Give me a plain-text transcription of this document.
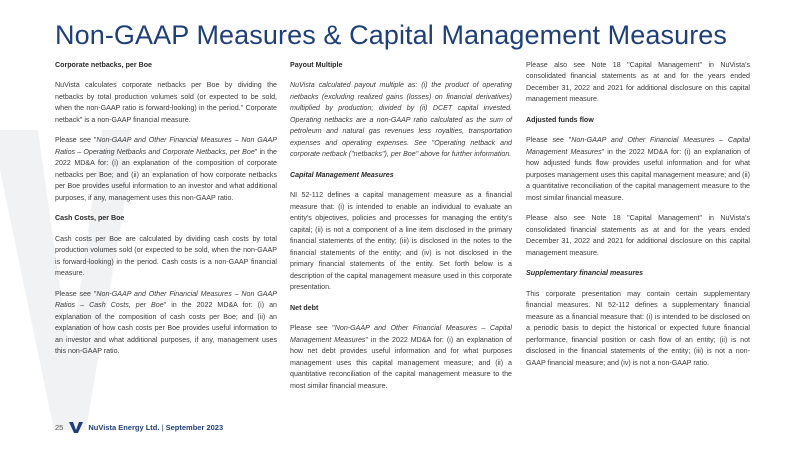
Non-GAAP Measures & Capital Management Measures
Corporate netbacks, per Boe
NuVista calculates corporate netbacks per Boe by dividing the netbacks by total production volumes sold (or expected to be sold, when the non-GAAP ratio is forward-looking) in the period." Corporate netback" is a non-GAAP financial measure.
Please see "Non-GAAP and Other Financial Measures – Non GAAP Ratios – Operating Netbacks and Corporate Netbacks, per Boe" in the 2022 MD&A for: (i) an explanation of the composition of corporate netbacks per Boe; and (ii) an explanation of how corporate netbacks per Boe provides useful information to an investor and what additional purposes, if any, management uses this non-GAAP ratio.
Cash Costs, per Boe
Cash costs per Boe are calculated by dividing cash costs by total production volumes sold (or expected to be sold, when the non-GAAP is forward-looking) in the period. Cash costs is a non-GAAP financial measure.
Please see "Non-GAAP and Other Financial Measures – Non GAAP Ratios – Cash Costs, per Boe" in the 2022 MD&A for: (i) an explanation of the composition of cash costs per Boe; and (ii) an explanation of how cash costs per Boe provides useful information to an investor and what additional purposes, if any, management uses this non-GAAP ratio.
Payout Multiple
NuVista calculated payout multiple as: (i) the product of operating netbacks (excluding realized gains (losses) on financial derivatives) multiplied by production; divided by (ii) DCET capital invested. Operating netbacks are a non-GAAP ratio calculated as the sum of petroleum and natural gas revenues less royalties, transportation expenses and operating expenses. See "Operating netback and corporate netback ("netbacks"), per Boe" above for further information.
Capital Management Measures
NI 52-112 defines a capital management measure as a financial measure that: (i) is intended to enable an individual to evaluate an entity's objectives, policies and processes for managing the entity's capital; (ii) is not a component of a line item disclosed in the primary financial statements of the entity; (iii) is disclosed in the notes to the financial statements of the entity; and (iv) is not disclosed in the primary financial statements of the entity. Set forth below is a description of the capital management measure used in this corporate presentation.
Net debt
Please see "Non-GAAP and Other Financial Measures – Capital Management Measures" in the 2022 MD&A for: (i) an explanation of how net debt provides useful information and for what purposes management uses this capital management measure; and (ii) a quantitative reconciliation of the capital management measure to the most similar financial measure.
Please also see Note 18 "Capital Management" in NuVista's consolidated financial statements as at and for the years ended December 31, 2022 and 2021 for additional disclosure on this capital management measure.
Adjusted funds flow
Please see "Non-GAAP and Other Financial Measures – Capital Management Measures" in the 2022 MD&A for: (i) an explanation of how adjusted funds flow provides useful information and for what purposes management uses this capital management measure; and (ii) a quantitative reconciliation of the capital management measure to the most similar financial measure.
Please also see Note 18 "Capital Management" in NuVista's consolidated financial statements as at and for the years ended December 31, 2022 and 2021 for additional disclosure on this capital management measure.
Supplementary financial measures
This corporate presentation may contain certain supplementary financial measures. NI 52-112 defines a supplementary financial measure as a financial measure that: (i) is intended to be disclosed on a periodic basis to depict the historical or expected future financial performance, financial position or cash flow of an entity; (ii) is not disclosed in the financial statements of the entity; (iii) is not a non-GAAP financial measure; and (iv) is not a non-GAAP ratio.
25	NuVista Energy Ltd. | September 2023
